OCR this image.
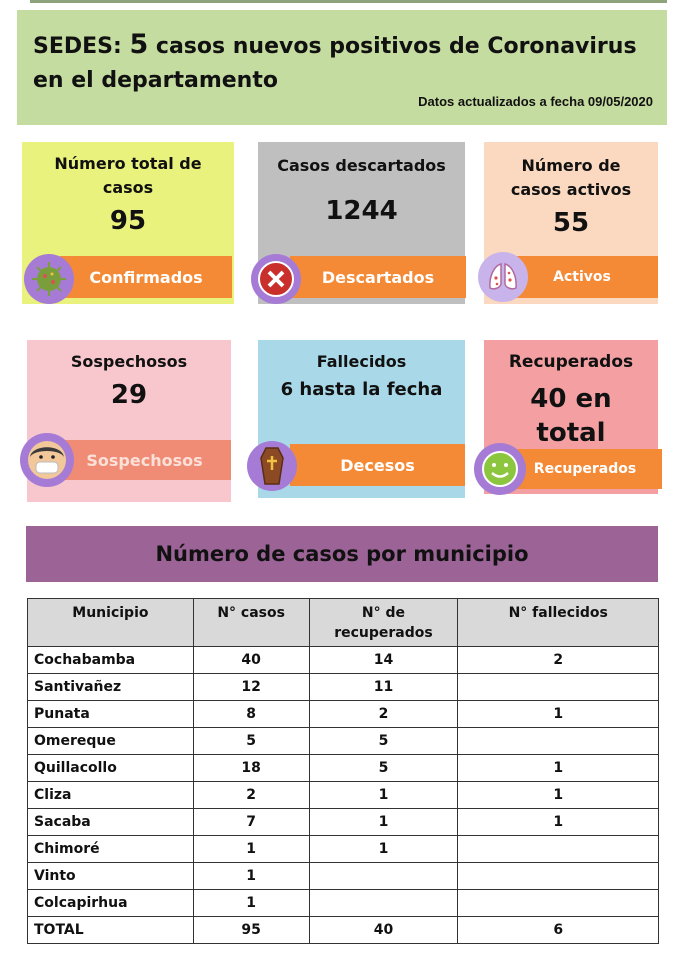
SEDES: 5 casos nuevos positivos de Coronavirus
en el departamento
Datos actualizados a fecha 09/05/2020
Número total de
casos
95
Confirmados
Casos descartados
1244
Descartados
Número de
casos activos
55
Activos
Sospechosos
29
Sospechosos
Fallecidos
6 hasta la fecha
Decesos
Recuperados
40 en
total
Recuperados
Número de casos por municipio
Municipio	N° casos	N° de recuperados	N° fallecidos
Cochabamba	40	14	2
Santivañez	12	11	
Punata	8	2	1
Omereque	5	5	
Quillacollo	18	5	1
Cliza	2	1	1
Sacaba	7	1	1
Chimoré	1	1	
Vinto	1		
Colcapirhua	1		
TOTAL	95	40	6
